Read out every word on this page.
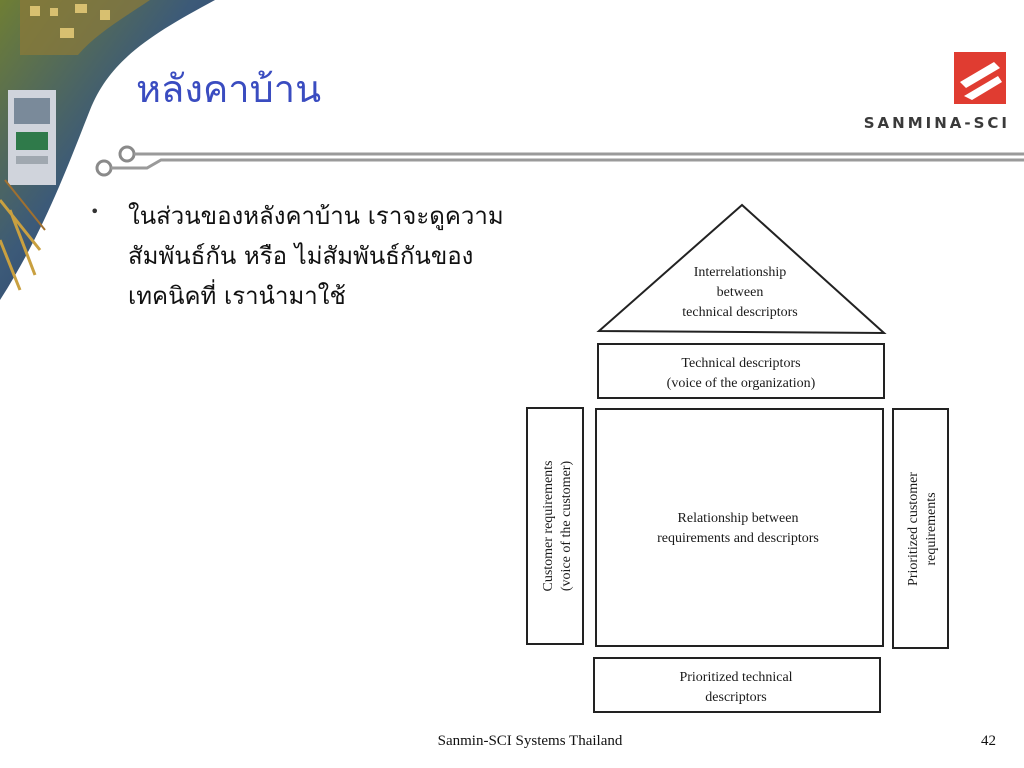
หลังคาบ้าน
SANMINA-SCI
• ในส่วนของหลังคาบ้าน เราจะดูความสัมพันธ์กัน หรือ ไม่สัมพันธ์กันของ เทคนิคที่ เรานำมาใช้
Interrelationship
between
technical descriptors
Technical descriptors
(voice of the organization)
Customer requirements (voice of the customer)	Relationship between
requirements and descriptors	Prioritized customer requirements
Prioritized technical
descriptors
Sanmin-SCI Systems Thailand	42
